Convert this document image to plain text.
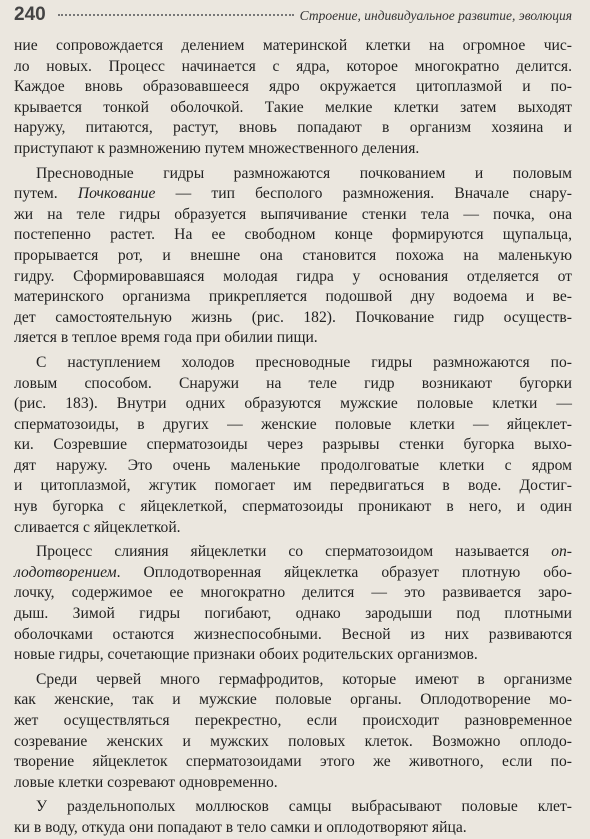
240	Строение, индивидуальное развитие, эволюция
ние сопровождается делением материнской клетки на огромное чис-
ло новых. Процесс начинается с ядра, которое многократно делится.
Каждое вновь образовавшееся ядро окружается цитоплазмой и по-
крывается тонкой оболочкой. Такие мелкие клетки затем выходят
наружу, питаются, растут, вновь попадают в организм хозяина и
приступают к размножению путем множественного деления.
Пресноводные гидры размножаются почкованием и половым
путем. Почкование — тип бесполого размножения. Вначале снару-
жи на теле гидры образуется выпячивание стенки тела — почка, она
постепенно растет. На ее свободном конце формируются щупальца,
прорывается рот, и внешне она становится похожа на маленькую
гидру. Сформировавшаяся молодая гидра у основания отделяется от
материнского организма прикрепляется подошвой дну водоема и ве-
дет самостоятельную жизнь (рис. 182). Почкование гидр осуществ-
ляется в теплое время года при обилии пищи.
С наступлением холодов пресноводные гидры размножаются по-
ловым способом. Снаружи на теле гидр возникают бугорки
(рис. 183). Внутри одних образуются мужские половые клетки —
сперматозоиды, в других — женские половые клетки — яйцеклет-
ки. Созревшие сперматозоиды через разрывы стенки бугорка выхо-
дят наружу. Это очень маленькие продолговатые клетки с ядром
и цитоплазмой, жгутик помогает им передвигаться в воде. Достиг-
нув бугорка с яйцеклеткой, сперматозоиды проникают в него, и один
сливается с яйцеклеткой.
Процесс слияния яйцеклетки со сперматозоидом называется оп-
лодотворением. Оплодотворенная яйцеклетка образует плотную обо-
лочку, содержимое ее многократно делится — это развивается заро-
дыш. Зимой гидры погибают, однако зародыши под плотными
оболочками остаются жизнеспособными. Весной из них развиваются
новые гидры, сочетающие признаки обоих родительских организмов.
Среди червей много гермафродитов, которые имеют в организме
как женские, так и мужские половые органы. Оплодотворение мо-
жет осуществляться перекрестно, если происходит разновременное
созревание женских и мужских половых клеток. Возможно оплодо-
творение яйцеклеток сперматозоидами этого же животного, если по-
ловые клетки созревают одновременно.
У раздельнополых моллюсков самцы выбрасывают половые клет-
ки в воду, откуда они попадают в тело самки и оплодотворяют яйца.
